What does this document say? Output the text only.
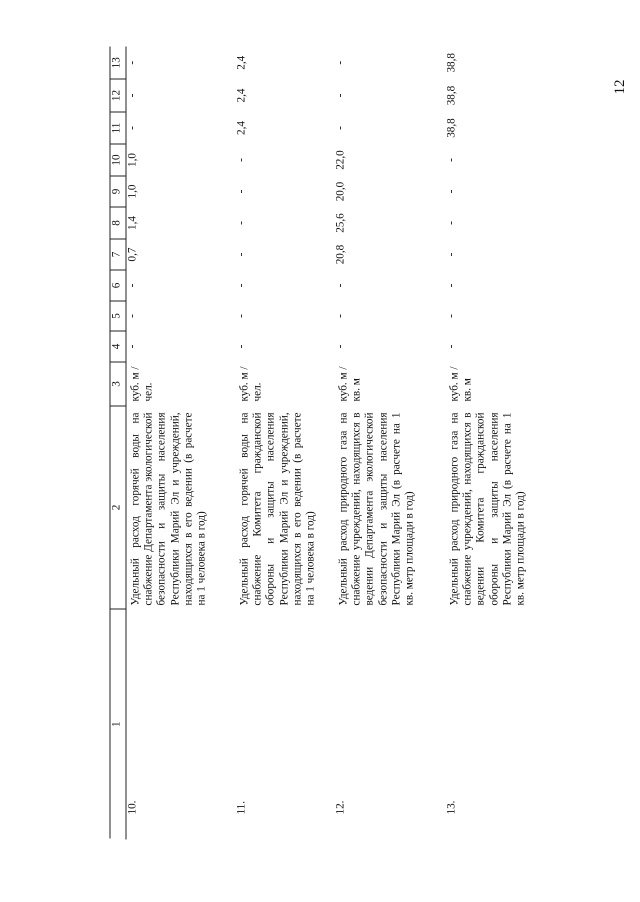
12
1	2	3	4	5	6	7	8	9	10	11	12	13

10.	Удельный расход горячей воды на снабжение Департамента экологической безопасности и защиты населения Республики Марий Эл и учреждений, находящихся в его ведении (в расчете на 1 человека в год)	куб. м / чел.	-	-	-	0,7	1,4	1,0	1,0	-	-	-

11.	Удельный расход горячей воды на снабжение Комитета гражданской обороны и защиты населения Республики Марий Эл и учреждений, находящихся в его ведении (в расчете на 1 человека в год)	куб. м / чел.	-	-	-	-	-	-	-	2,4	2,4	2,4

12.	Удельный расход природного газа на снабжение учреждений, находящихся в ведении Департамента экологической безопасности и защиты населения Республики Марий Эл (в расчете на 1 кв. метр площади в год)	куб. м / кв. м	-	-	-	20,8	25,6	20,0	22,0	-	-	-

13.	Удельный расход природного газа на снабжение учреждений, находящихся в ведении Комитета гражданской обороны и защиты населения Республики Марий Эл (в расчете на 1 кв. метр площади в год)	куб. м / кв. м	-	-	-	-	-	-	-	38,8	38,8	38,8
